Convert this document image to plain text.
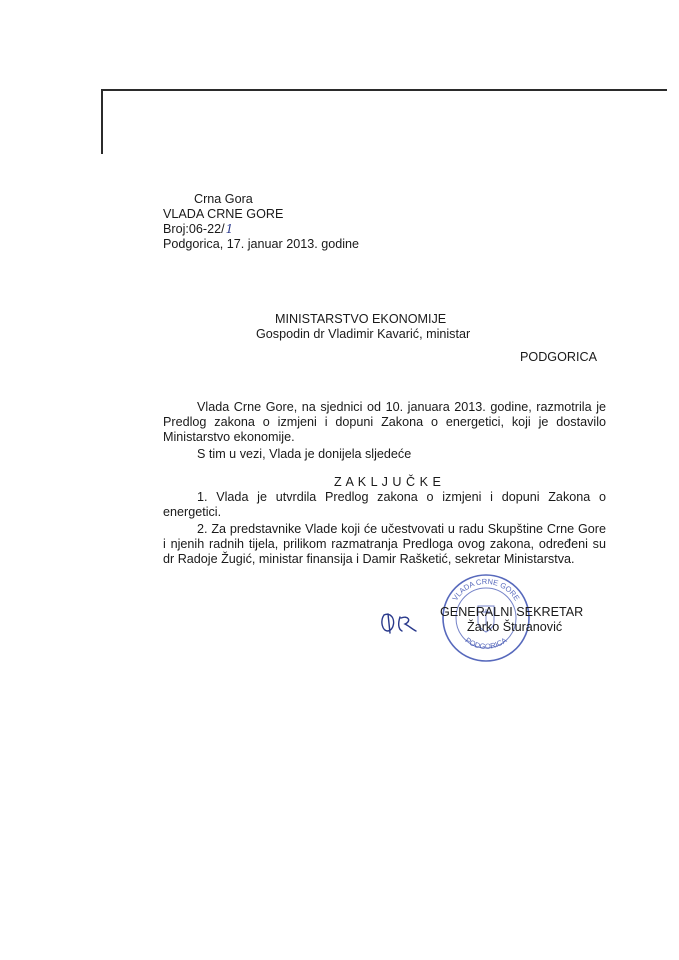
Crna Gora

VLADA CRNE GORE

Broj:06-22/1

Podgorica, 17. januar 2013. godine

MINISTARSTVO EKONOMIJE

Gospodin dr Vladimir Kavarić, ministar

PODGORICA

Vlada Crne Gore, na sjednici od 10. januara 2013. godine, razmotrila je Predlog zakona o izmjeni i dopuni Zakona o energetici, koji je dostavilo Ministarstvo ekonomije.

S tim u vezi, Vlada je donijela sljedeće

Z A K L J U Č K E

1. Vlada je utvrdila Predlog zakona o izmjeni i dopuni Zakona o energetici.

2. Za predstavnike Vlade koji će učestvovati u radu Skupštine Crne Gore i njenih radnih tijela, prilikom razmatranja Predloga ovog zakona, određeni su dr Radoje Žugić, ministar finansija i Damir Rašketić, sekretar Ministarstva.

VLADA CRNE GORE
PODGORICA

GENERALNI SEKRETAR

Žarko Šturanović
